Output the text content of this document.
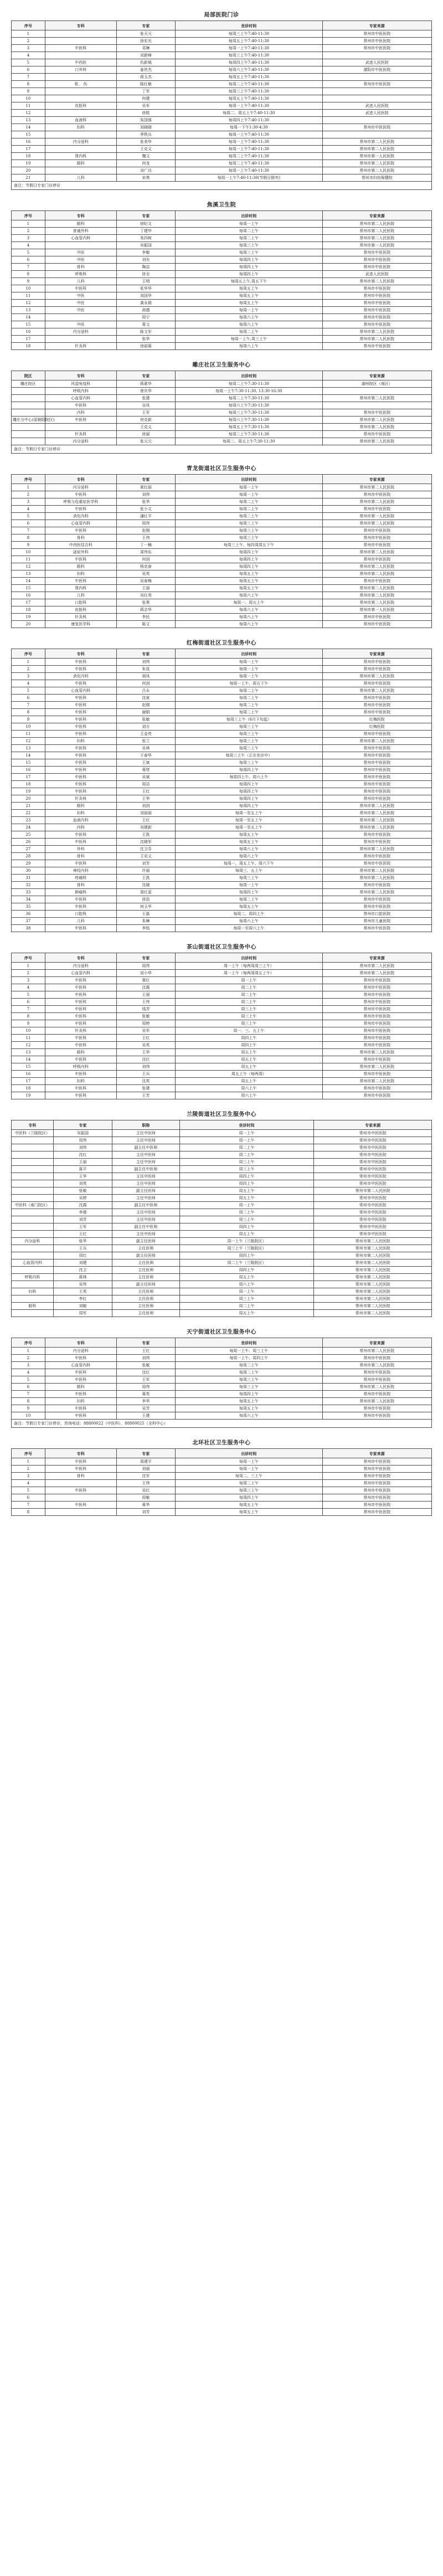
局部医院门诊
序号	专科	专家	坐诊时间	专家来源
1		张天元	每周三上午7:40-11:30	常州市中医医院
2		徐宏光	每周五上午7:40-11:30	常州市中医医院
3	中医科	邓琳	每周一上午7:40-11:30	常州市中医医院
4		刘新峰	每周三上午7:40-11:30	
5	中西医	仇新城	每周四上午7:40-11:30	武进人民医院
6	口外科	姜世杰	每周六上午7:40-11:30	溧阳市中医医院
7		蒋玉杰	每周五上午7:40-11:30	
8	骨、 伤	陈红敏	每周二上午7:40-11:30	常州市中医医院
9		丁军	每周三上午7:40-11:30	
10		何建	每周五上午7:40-11:30	
11	皮肤科	吴军	每周一上午7:40-11:30	武进人民医院
12		徐胜	每周二、周五上午7:40-11:30	武进人民医院
13	血液科	朱国强	每周四上午7:40-11:30	
14	妇科	刘晓晓	每周一下午1:30-4:30	常州市中医医院
15		季铁兵	每周一上午7:40-11:30	
16	内分泌科	张美华	每周一上午7:40-11:30	常州市第二人民医院
17		王克义	每周一上午7:40-11:30	常州市第二人民医院
18	肾内科	魏文	每周二上午7:40-11:30	常州市第一人民医院
19	眼科	何龙	每周二上午7:40-11:30	常州市第二人民医院
20		刘广达	每周一上午7:40-11:30	常州市第二人民医院
21	儿科	宋勇	每周一上午7:40-11:30(节假日除外)	常州市妇幼保健院
备注：节假日专家门诊停诊
焦溪卫生院
序号	专科	专家	出诊时间	专家来源
1	眼科	徐纪文	每周一上午	常州市第二人民医院
2	普通外科	丁建华	每周二上午	常州市第二人民医院
3	心血管内科	朱四树	每周二上午	常州市第二人民医院
4		吴振国	每周三上午	常州市第一人民医院
5	中医	李敏	每周三上午	常州市中医医院
6	中医	刘光	每周四上午	常州市中医医院
7	骨科	陶洁	每周四上午	常州市中医医院
8	呼吸科	徐全	每周四上午	武进人民医院
9	儿科	王明	每周五上午,周五下午	常州市第二人民医院
10	中医科	张华华	每周五上午	常州市中医医院
11	中医	刘国华	每周五上午	常州市中医医院
12	中医	龚永瑞	每周五上午	常州市中医医院
13	中医	高德	每周一上午	常州市中医医院
14		周宁	每周六上午	常州市中医医院
15	中医	蒋文	每周六上午	常州市中医医院
16	内分泌科	陈文军	每周二上午	常州市第二人民医院
17		张华	每周一上午,周三上午	常州市第二人民医院
18	针灸科	徐丽菊	每周六上午	常州市中医医院
雕庄社区卫生服务中心
院区	专科	专家	出诊时间	专家来源
雕庄院区	风湿免疫科	蒋素华	每周二上午7:30-11:30	湖州院区（南区）
	呼吸内科	曾庆华	每周一上午7:30-11:30, 13:30-16:30	
	心血管内科	张建	每周二上午7:30-11:30	常州市第二人民医院
	中医科	谷凤	每周六上午7:30-11:30	
	内科	王军	每周三上午7:30-11:30	常州市中医医院
雕庄分中心(原朝阳院区)	中医科	何克新	每周六上午7:30-11:30	常州市第二人民医院
		王克义	每周五上午7:30-11:30	常州市第二人民医院
	针灸科	徐丽	每周二上午7:30-11:30	常州市中医医院
	内分泌科	张元元	每周二、周五上午7:30-11:30	常州市第二人民医院
备注：节假日专家门诊停诊
青龙街道社区卫生服务中心
序号	专科	专家	出诊时间	专家来源
1	内分泌科	夏红丽	每周一上午	常州市第二人民医院
2	中医科	刘伟	每周一上午	常州市中医医院
3	呼吸与危重症医学科	张华	每周二上午	常州市第二人民医院
4	中医科	张小文	每周二上午	常州市中医医院
5	消化内科	潘红平	每周二上午	常州市第一人民医院
6	心血管内科	周伟	每周三上午	常州市第二人民医院
7	中医科	赵刚	每周三上午	常州市中医医院
8	骨科	王伟	每周三上午	常州市中医医院
9	中西医结合科	丁一楠	每周三上午、每四周周五下午	常州市中医医院
10	泌尿外科	周伟东	每周四上午	常州市第二人民医院
11	中医科	何剑	每周四上午	常州市中医医院
12	眼科	杨克春	每周四上午	常州市第二人民医院
13	妇科	吴英	每周五上午	常州市第二人民医院
14	中医科	吴春梅	每周五上午	常州市中医医院
15	肾内科	王丽	每周五上午	常州市第二人民医院
16	儿科	吴红英	每周六上午	常州市第二人民医院
17	口腔科	张勇	每周一、周五上午	常州市第二人民医院
18	皮肤科	蒋志华	每周六上午	常州市第一人民医院
19	针灸科	李民	每周六上午	常州市中医医院
20	康复医学科	陈文	每周六上午	常州市中医医院
红梅街道社区卫生服务中心
序号	专科	专家	出诊时间	专家来源
1	中医科	刘伟	每周一上午	常州市中医医院
2	中医科	朱岚	每周一上午	常州市中医医院
3	消化内科	胡凤	每周一上午	常州市第二人民医院
4	中医科	何剑	每周一上午、周五下午	常州市中医医院
5	心血管内科	吕永	每周二上午	常州市第二人民医院
6	中医科	沈寅	每周二上午	常州市中医医院
7	中医科	赵刚	每周二上午	常州市中医医院
8	中医科	谢娟	每周二上午	常州市中医医院
9	中医科	张敏	每周三上午（6月下旬起）	红梅医院
10	中医科	刘方	每周三上午	红梅医院
11	中医科	王金亮	每周三上午	常州市中医医院
12	妇科	张兰	每周三上午	常州市第二人民医院
13	中医科	吴林	每周三上午	常州市中医医院
14	中医科	于春华	每周三上午（正在坐诊中）	常州市中医医院
15	中医科	王斌	每周三上午	常州市中医医院
16	中医科	蒋贤	每周四上午	常州市中医医院
17	中医科	吴斌	每周四上午、周六上午	常州市中医医院
18	中医科	周洁	每周四上午	常州市中医医院
19	中医科	王红	每周四上午	常州市中医医院
20	针灸科	王华	每周四上午	常州市中医医院
21	眼科	刘剑	每周四上午	常州市第二人民医院
22	妇科	刘丽丽	每周一至五上午	常州市第二人民医院
23	血液内科	王红	每周一至五上午	常州市第二人民医院
24	内科	刘建新	每周一至五上午	常州市第二人民医院
25	中医科	王凯	每周五上午	常州市中医医院
26	中医科	沈晓军	每周五上午	常州市中医医院
27	外科	沈卫芬	每周六上午	常州市第二人民医院
28	骨科	王克义	每周六上午	常州市中医医院
29	中医科	刘芳	每周一、周五上午、周六下午	常州市中医医院
30	神经内科	许丽	每周三、五上午	常州市第二人民医院
31	疼痛科	王凯	每周三上午	常州市第二人民医院
32	骨科	沈晓	每周一上午	常州市中医医院
33	肿瘤科	周红雷	每周四上午	常州市第二人民医院
34	中医科	徐浩	每周二上午	常州市中医医院
35	中医科	何玉华	每周五上午	常州市中医医院
36	口腔科	王磊	每周二、周四上午	常州市口腔医院
37	儿科	朱琳	每周六上午	常州市儿童医院
38	中医科	李铭	每周一至周六上午	常州市中医医院
茶山街道社区卫生服务中心
序号	专科	专家	出诊时间	专家来源
1	内分泌科	周伟	周一上午（每两周周三上午）	常州市第二人民医院
2	心血管内科	刘小华	周一上午（每两周周五上午）	常州市第二人民医院
3	中医科	蒋红	周一上午	常州市中医医院
4	中医科	沈霞	周二上午	常州市中医医院
5	中医科	王丽	周二上午	常州市中医医院
6	中医科	王伟	周二上午	常州市中医医院
7	中医科	钱芳	周三上午	常州市中医医院
8	中医科	张敏	周三上午	常州市中医医院
9	中医科	周婷	周三上午	常州市中医医院
10	针灸科	吴军	周一、三、五上午	常州市中医医院
11	中医科	王红	周四上午	常州市中医医院
12	中医科	吴英	周四上午	常州市中医医院
13	眼科	王华	周五上午	常州市第二人民医院
14	中医科	沈红	周五上午	常州市中医医院
15	呼吸内科	刘伟	周五上午	常州市第二人民医院
16	中医科	王兵	周五上午（每两周）	常州市中医医院
17	妇科	沈英	周五上午	常州市第二人民医院
18	中医科	张建	周六上午	常州市中医医院
19	中医科	王芳	周六上午	常州市中医医院
兰陵街道社区卫生服务中心
专科	专家	职称	坐诊时间	专家来源
中医科（兰陵院区）	吴振国	主任中医师	周一上午	常州市中医医院
	周伟	主任中医师	周一上午	常州市中医医院
	刘伟	副主任中医师	周二上午	常州市中医医院
	沈红	主任中医师	周二上午	常州市中医医院
	王丽	主任中医师	周三上午	常州市中医医院
	蒋平	副主任中医师	周三上午	常州市中医医院
	王华	主任中医师	周四上午	常州市中医医院
	刘英	主任中医师	周四上午	常州市中医医院
	张敏	副主任医师	周五上午	常州市第二人民医院
	吴婷	主任中医师	周五上午	常州市中医医院
中医科（南门院区）	沈霞	副主任中医师	周一上午	常州市中医医院
	李建	主任中医师	周二上午	常州市中医医院
	刘芳	主任中医师	周三上午	常州市中医医院
	王军	副主任中医师	周四上午	常州市中医医院
	王红	主任中医师	周五上午	常州市中医医院
内分泌科	张华	副主任医师	周一上午（兰陵院区）	常州市第二人民医院
	王兵	主任医师	周三上午（兰陵院区）	常州市第二人民医院
	周红	副主任医师	周四上午	常州市第二人民医院
心血管内科	刘建	主任医师	周二上午（兰陵院区）	常州市第二人民医院
	沈卫	主任医师	周四上午	常州市第二人民医院
呼吸内科	蒋林	主任医师	周五上午	常州市第二人民医院
	吴伟	副主任医师	周六上午	常州市第二人民医院
妇科	王英	主任医师	周一上午	常州市第二人民医院
	李红	主任医师	周三上午	常州市第二人民医院
眼科	刘敏	主任医师	周二上午	常州市第二人民医院
	周军	主任医师	周五上午	常州市第二人民医院
天宁街道社区卫生服务中心
序号	专科	专家	坐诊时间	专家来源
1	内分泌科	王红	每周一上午、周三上午	常州市第二人民医院
2	中医科	刘伟	每周一上午、周四上午	常州市中医医院
3	心血管内科	张敏	每周二上午	常州市第二人民医院
4	中医科	沈红	每周二上午	常州市中医医院
5	中医科	王军	每周三上午	常州市中医医院
6	眼科	周伟	每周三上午	常州市第二人民医院
7	中医科	蒋英	每周四上午	常州市中医医院
8	妇科	李华	每周五上午	常州市第二人民医院
9	中医科	吴芳	每周五上午	常州市中医医院
10	中医科	王建	每周六上午	常州市中医医院
备注：节假日专家门诊停诊，咨询电话：88800022（中医科），88800025（全科中心）
北环社区卫生服务中心
序号	专科	专家	出诊时间	专家来源
1	中医科	周建平	每周一上午	常州市中医医院
2	中医科	刘丽	每周一上午	常州市中医医院
3	骨科	沈军	每周二、三上午	常州市中医医院
4		王伟	每周二上午	常州市中医医院
5	中医科	吴红	每周三上午	常州市中医医院
6		周敏	每周四上午	常州市中医医院
7	中医科	蒋华	每周五上午	常州市中医医院
8		刘芳	每周五上午	常州市中医医院
